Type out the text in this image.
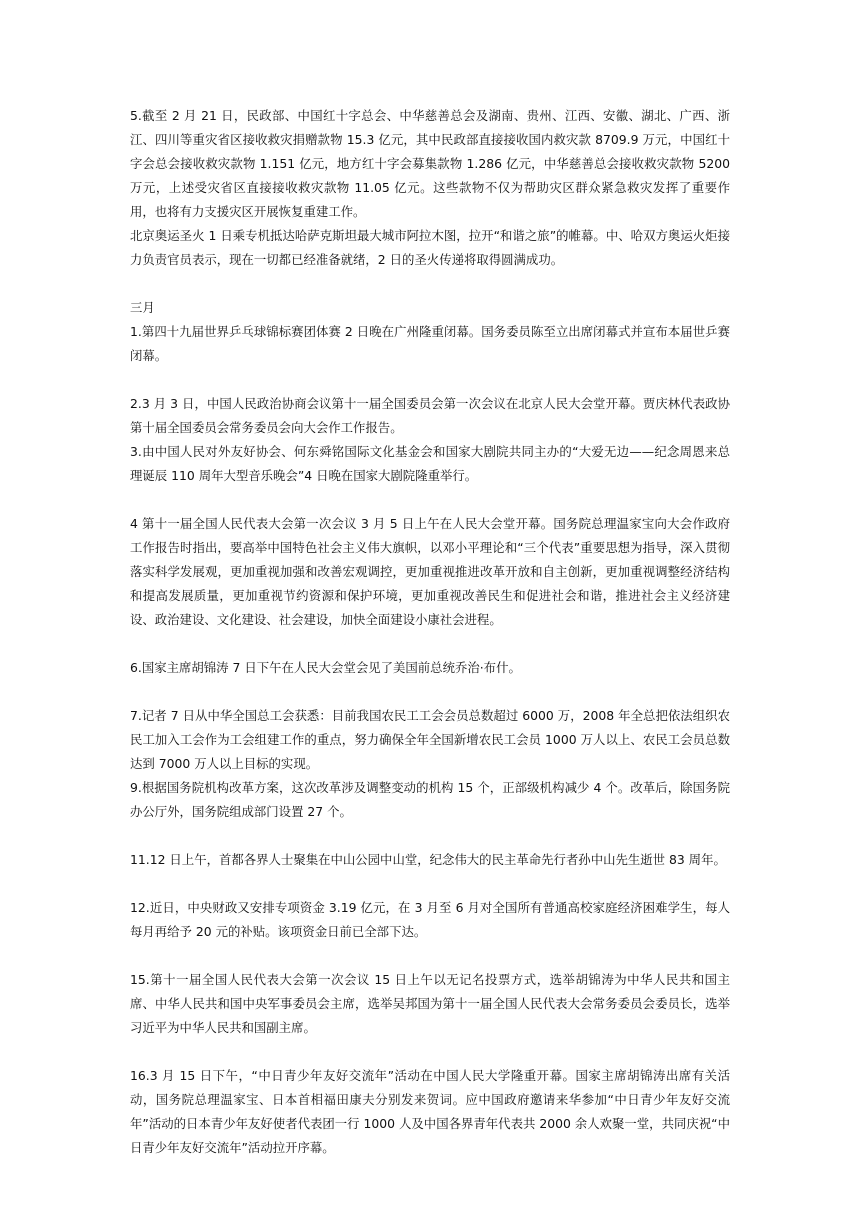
5.截至 2 月 21 日，民政部、中国红十字总会、中华慈善总会及湖南、贵州、江西、安徽、湖北、广西、浙江、四川等重灾省区接收救灾捐赠款物 15.3 亿元，其中民政部直接接收国内救灾款 8709.9 万元，中国红十字会总会接收救灾款物 1.151 亿元，地方红十字会募集款物 1.286 亿元，中华慈善总会接收救灾款物 5200 万元，上述受灾省区直接接收救灾款物 11.05 亿元。这些款物不仅为帮助灾区群众紧急救灾发挥了重要作用，也将有力支援灾区开展恢复重建工作。

北京奥运圣火 1 日乘专机抵达哈萨克斯坦最大城市阿拉木图，拉开“和谐之旅”的帷幕。中、哈双方奥运火炬接力负责官员表示，现在一切都已经准备就绪，2 日的圣火传递将取得圆满成功。

三月

1.第四十九届世界乒乓球锦标赛团体赛 2 日晚在广州隆重闭幕。国务委员陈至立出席闭幕式并宣布本届世乒赛闭幕。

2.3 月 3 日，中国人民政治协商会议第十一届全国委员会第一次会议在北京人民大会堂开幕。贾庆林代表政协第十届全国委员会常务委员会向大会作工作报告。

3.由中国人民对外友好协会、何东舜铭国际文化基金会和国家大剧院共同主办的“大爱无边——纪念周恩来总理诞辰 110 周年大型音乐晚会”4 日晚在国家大剧院隆重举行。

4 第十一届全国人民代表大会第一次会议 3 月 5 日上午在人民大会堂开幕。国务院总理温家宝向大会作政府工作报告时指出，要高举中国特色社会主义伟大旗帜，以邓小平理论和“三个代表”重要思想为指导，深入贯彻落实科学发展观，更加重视加强和改善宏观调控，更加重视推进改革开放和自主创新，更加重视调整经济结构和提高发展质量，更加重视节约资源和保护环境，更加重视改善民生和促进社会和谐，推进社会主义经济建设、政治建设、文化建设、社会建设，加快全面建设小康社会进程。

6.国家主席胡锦涛 7 日下午在人民大会堂会见了美国前总统乔治·布什。

7.记者 7 日从中华全国总工会获悉：目前我国农民工工会会员总数超过 6000 万，2008 年全总把依法组织农民工加入工会作为工会组建工作的重点，努力确保全年全国新增农民工会员 1000 万人以上、农民工会员总数达到 7000 万人以上目标的实现。

9.根据国务院机构改革方案，这次改革涉及调整变动的机构 15 个，正部级机构减少 4 个。改革后，除国务院办公厅外，国务院组成部门设置 27 个。

11.12 日上午，首都各界人士聚集在中山公园中山堂，纪念伟大的民主革命先行者孙中山先生逝世 83 周年。

12.近日，中央财政又安排专项资金 3.19 亿元，在 3 月至 6 月对全国所有普通高校家庭经济困难学生，每人每月再给予 20 元的补贴。该项资金日前已全部下达。

15.第十一届全国人民代表大会第一次会议 15 日上午以无记名投票方式，选举胡锦涛为中华人民共和国主席、中华人民共和国中央军事委员会主席，选举吴邦国为第十一届全国人民代表大会常务委员会委员长，选举习近平为中华人民共和国副主席。

16.3 月 15 日下午，“中日青少年友好交流年”活动在中国人民大学隆重开幕。国家主席胡锦涛出席有关活动，国务院总理温家宝、日本首相福田康夫分别发来贺词。应中国政府邀请来华参加“中日青少年友好交流年”活动的日本青少年友好使者代表团一行 1000 人及中国各界青年代表共 2000 余人欢聚一堂，共同庆祝“中日青少年友好交流年”活动拉开序幕。
